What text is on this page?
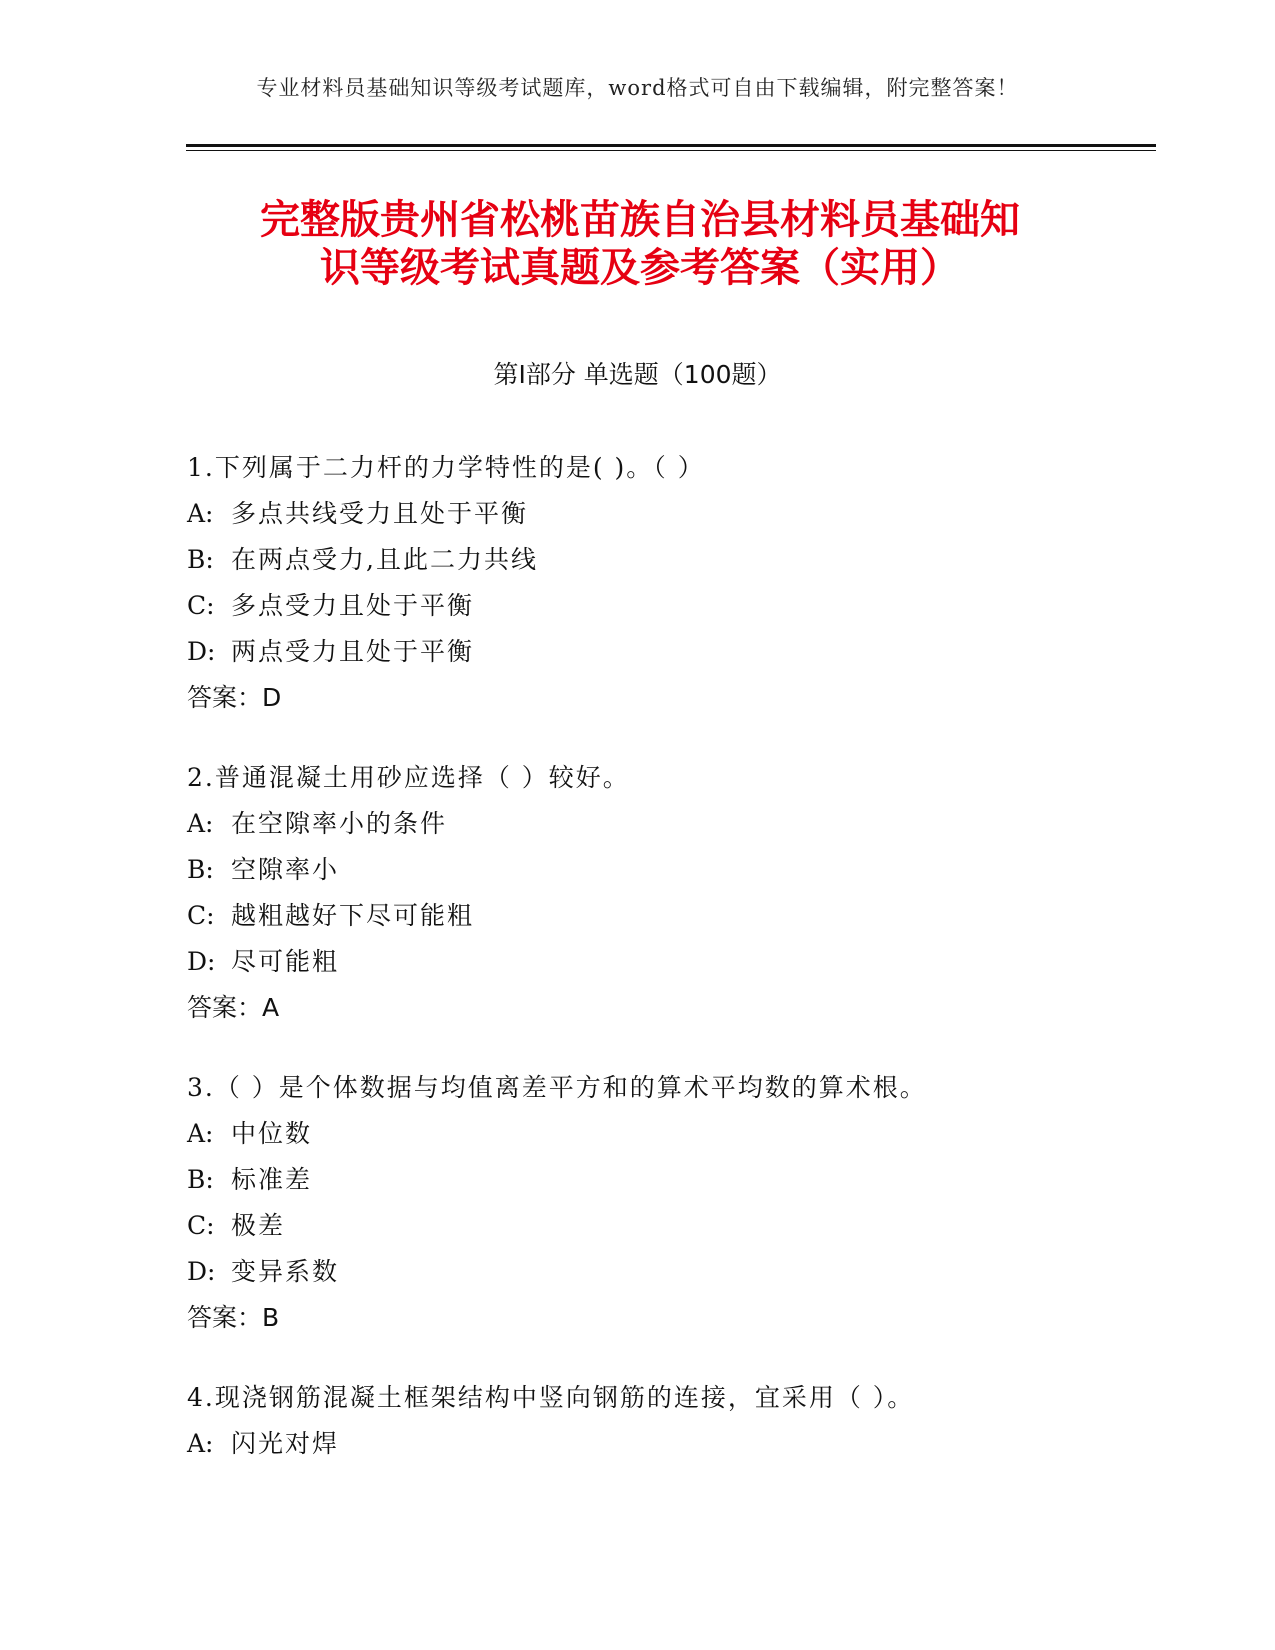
专业材料员基础知识等级考试题库，word格式可自由下载编辑，附完整答案！
完整版贵州省松桃苗族自治县材料员基础知
识等级考试真题及参考答案（实用）
第Ⅰ部分 单选题（100题）
1.下列属于二力杆的力学特性的是( )。（ ）
A: 多点共线受力且处于平衡
B: 在两点受力,且此二力共线
C: 多点受力且处于平衡
D: 两点受力且处于平衡
答案：D
2.普通混凝土用砂应选择（ ）较好。
A: 在空隙率小的条件
B: 空隙率小
C: 越粗越好下尽可能粗
D: 尽可能粗
答案：A
3.（ ）是个体数据与均值离差平方和的算术平均数的算术根。
A: 中位数
B: 标准差
C: 极差
D: 变异系数
答案：B
4.现浇钢筋混凝土框架结构中竖向钢筋的连接，宜采用（ ）。
A: 闪光对焊
